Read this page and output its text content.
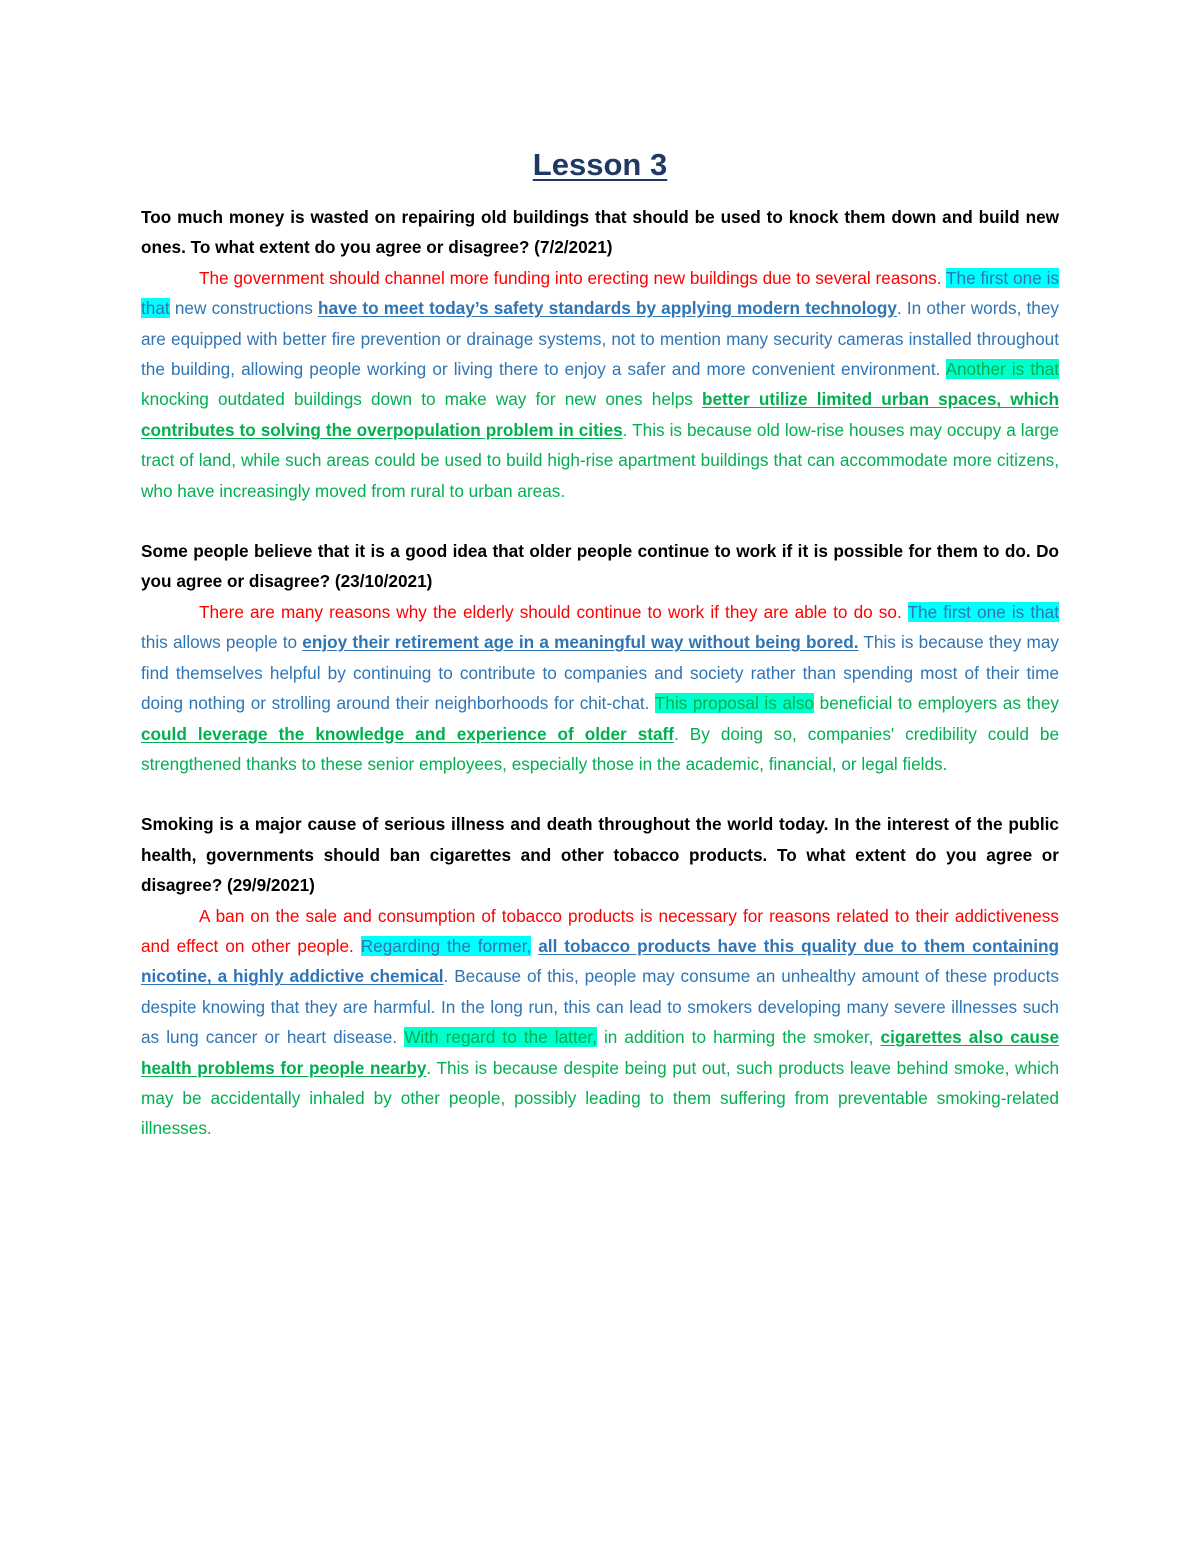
Lesson 3

Too much money is wasted on repairing old buildings that should be used to knock them down and build new ones. To what extent do you agree or disagree? (7/2/2021)

The government should channel more funding into erecting new buildings due to several reasons. The first one is that new constructions have to meet today’s safety standards by applying modern technology. In other words, they are equipped with better fire prevention or drainage systems, not to mention many security cameras installed throughout the building, allowing people working or living there to enjoy a safer and more convenient environment. Another is that knocking outdated buildings down to make way for new ones helps better utilize limited urban spaces, which contributes to solving the overpopulation problem in cities. This is because old low-rise houses may occupy a large tract of land, while such areas could be used to build high-rise apartment buildings that can accommodate more citizens, who have increasingly moved from rural to urban areas.

Some people believe that it is a good idea that older people continue to work if it is possible for them to do. Do you agree or disagree? (23/10/2021)

There are many reasons why the elderly should continue to work if they are able to do so. The first one is that this allows people to enjoy their retirement age in a meaningful way without being bored. This is because they may find themselves helpful by continuing to contribute to companies and society rather than spending most of their time doing nothing or strolling around their neighborhoods for chit-chat. This proposal is also beneficial to employers as they could leverage the knowledge and experience of older staff. By doing so, companies' credibility could be strengthened thanks to these senior employees, especially those in the academic, financial, or legal fields.

Smoking is a major cause of serious illness and death throughout the world today. In the interest of the public health, governments should ban cigarettes and other tobacco products. To what extent do you agree or disagree? (29/9/2021)

A ban on the sale and consumption of tobacco products is necessary for reasons related to their addictiveness and effect on other people. Regarding the former, all tobacco products have this quality due to them containing nicotine, a highly addictive chemical. Because of this, people may consume an unhealthy amount of these products despite knowing that they are harmful. In the long run, this can lead to smokers developing many severe illnesses such as lung cancer or heart disease. With regard to the latter, in addition to harming the smoker, cigarettes also cause health problems for people nearby. This is because despite being put out, such products leave behind smoke, which may be accidentally inhaled by other people, possibly leading to them suffering from preventable smoking-related illnesses.
